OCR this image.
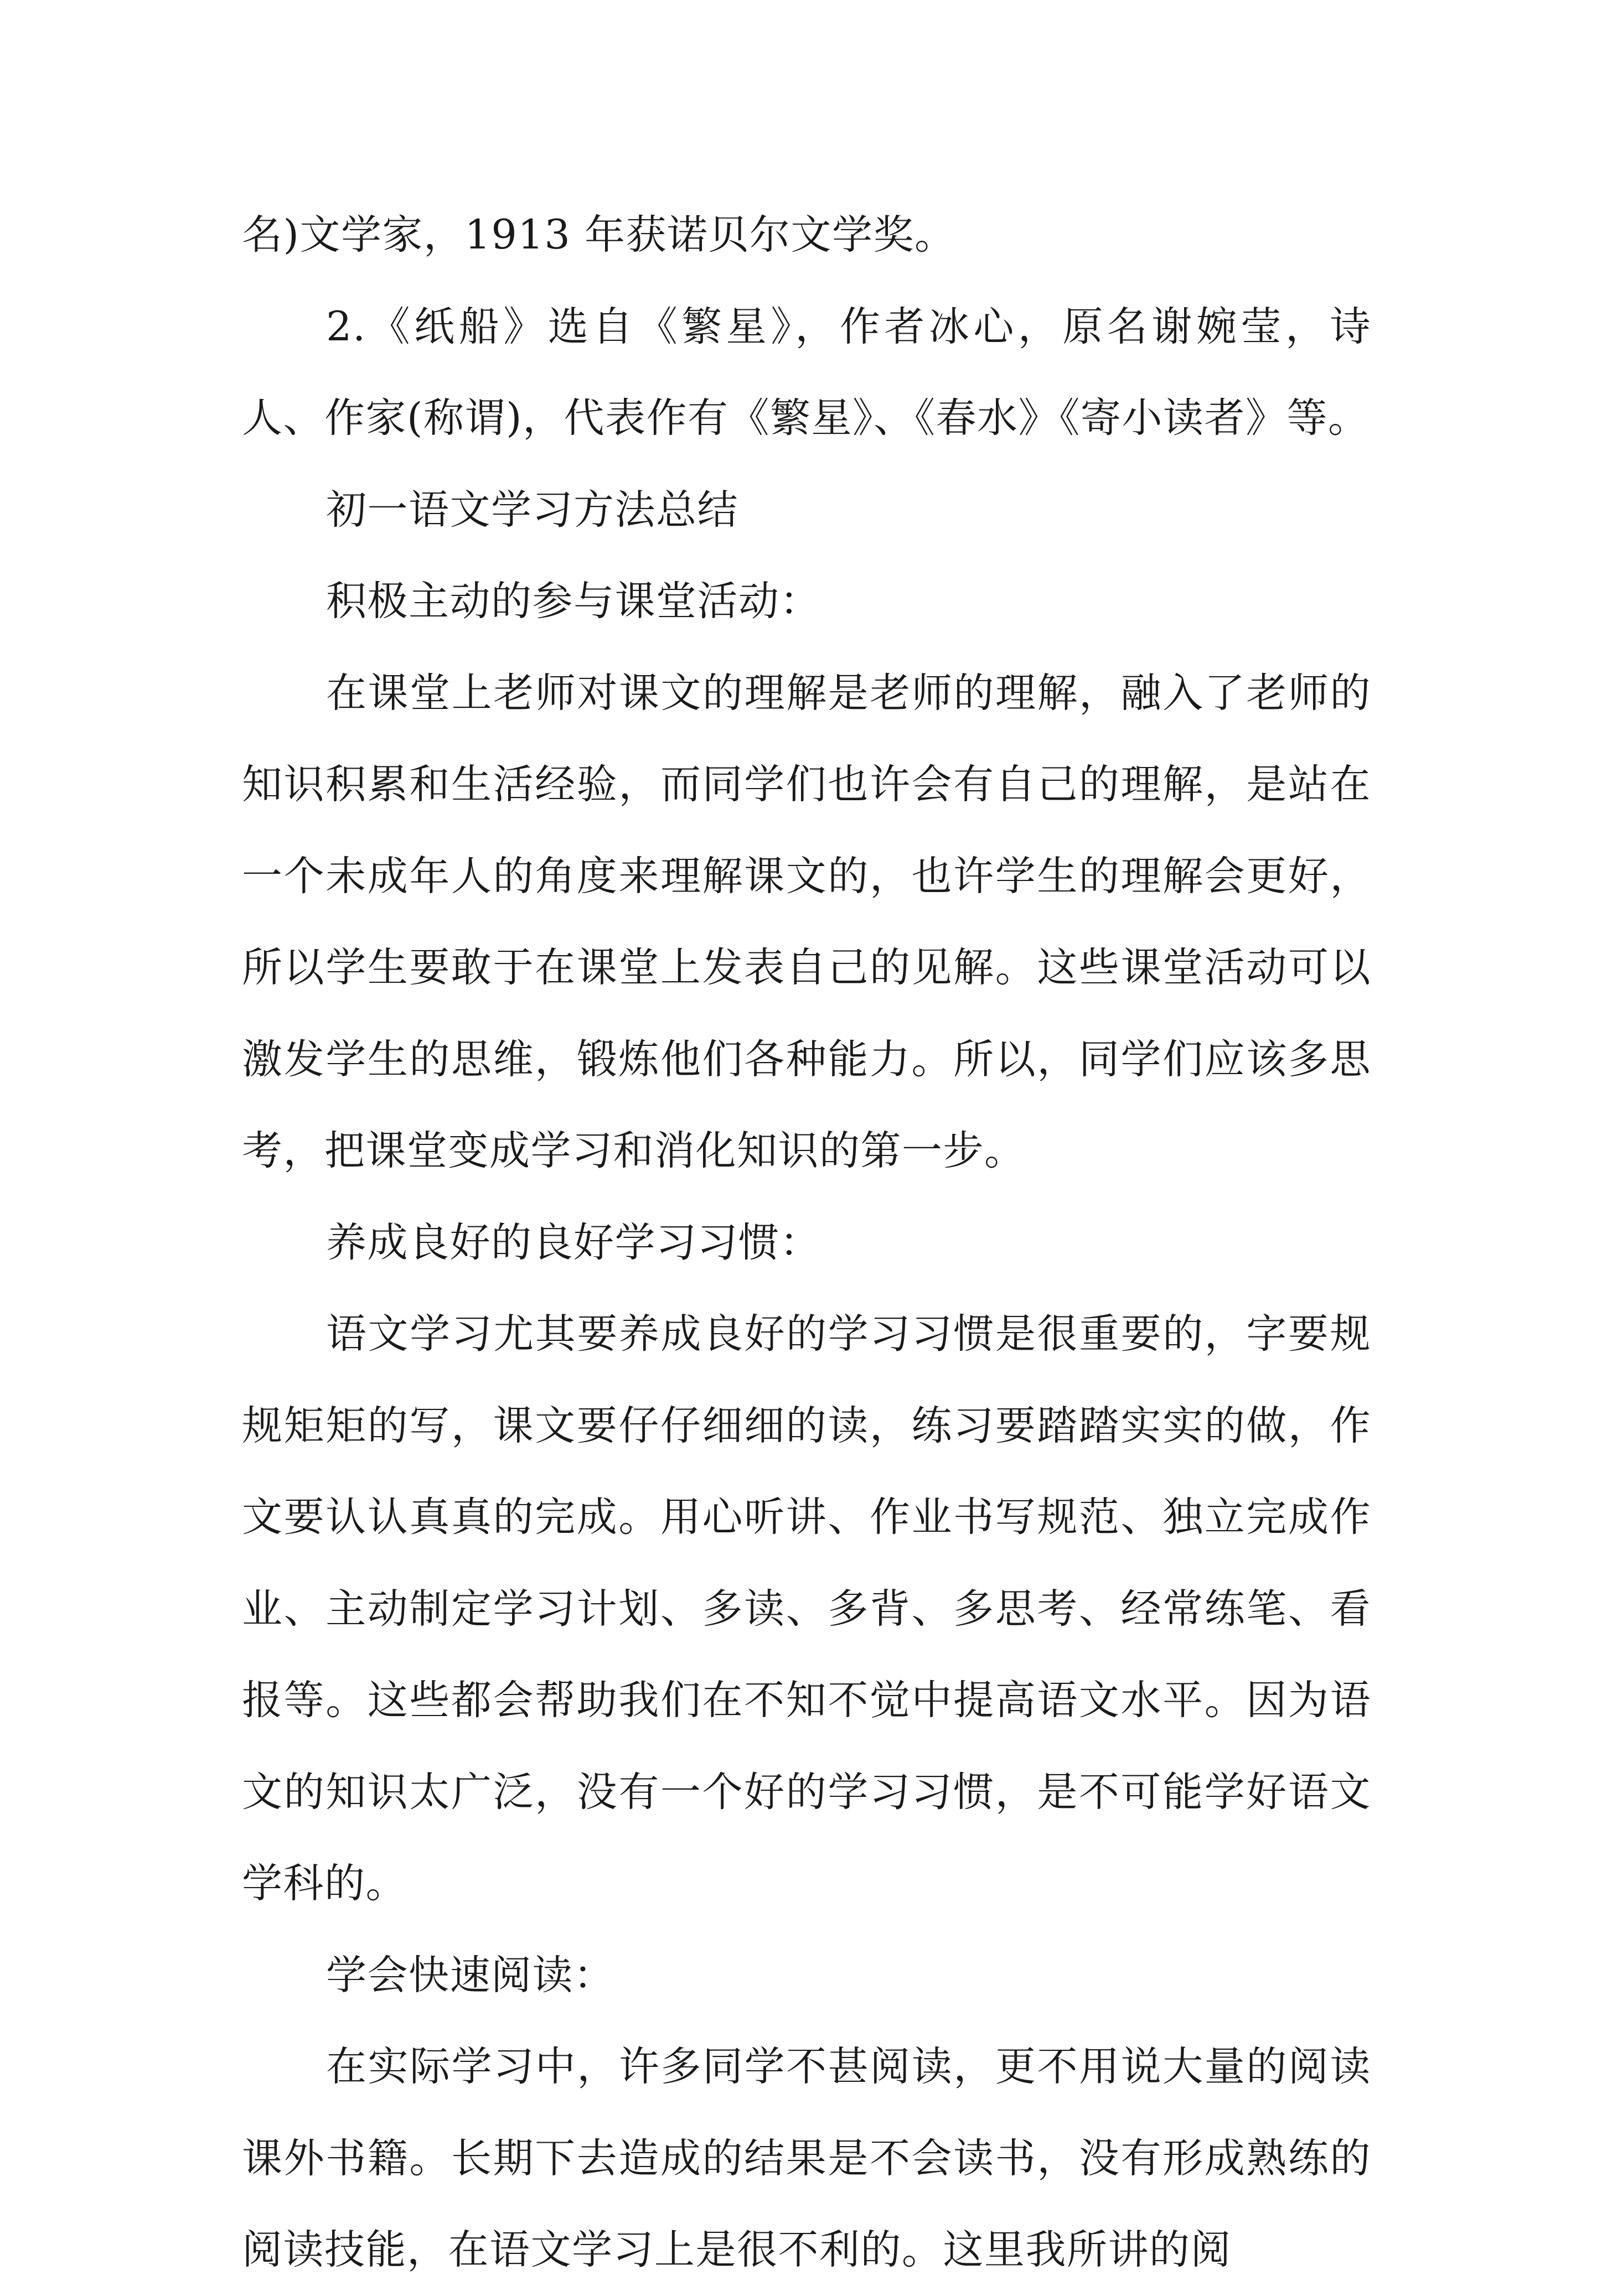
名)文学家，1913 年获诺贝尔文学奖。

2.《纸船》选自《繁星》，作者冰心，原名谢婉莹，诗人、作家(称谓)，代表作有《繁星》、《春水》《寄小读者》等。

初一语文学习方法总结

积极主动的参与课堂活动：

在课堂上老师对课文的理解是老师的理解，融入了老师的知识积累和生活经验，而同学们也许会有自己的理解，是站在一个未成年人的角度来理解课文的，也许学生的理解会更好，所以学生要敢于在课堂上发表自己的见解。这些课堂活动可以激发学生的思维，锻炼他们各种能力。所以，同学们应该多思考，把课堂变成学习和消化知识的第一步。

养成良好的良好学习习惯：

语文学习尤其要养成良好的学习习惯是很重要的，字要规规矩矩的写，课文要仔仔细细的读，练习要踏踏实实的做，作文要认认真真的完成。用心听讲、作业书写规范、独立完成作业、主动制定学习计划、多读、多背、多思考、经常练笔、看报等。这些都会帮助我们在不知不觉中提高语文水平。因为语文的知识太广泛，没有一个好的学习习惯，是不可能学好语文学科的。

学会快速阅读：

在实际学习中，许多同学不甚阅读，更不用说大量的阅读课外书籍。长期下去造成的结果是不会读书，没有形成熟练的阅读技能，在语文学习上是很不利的。这里我所讲的阅
